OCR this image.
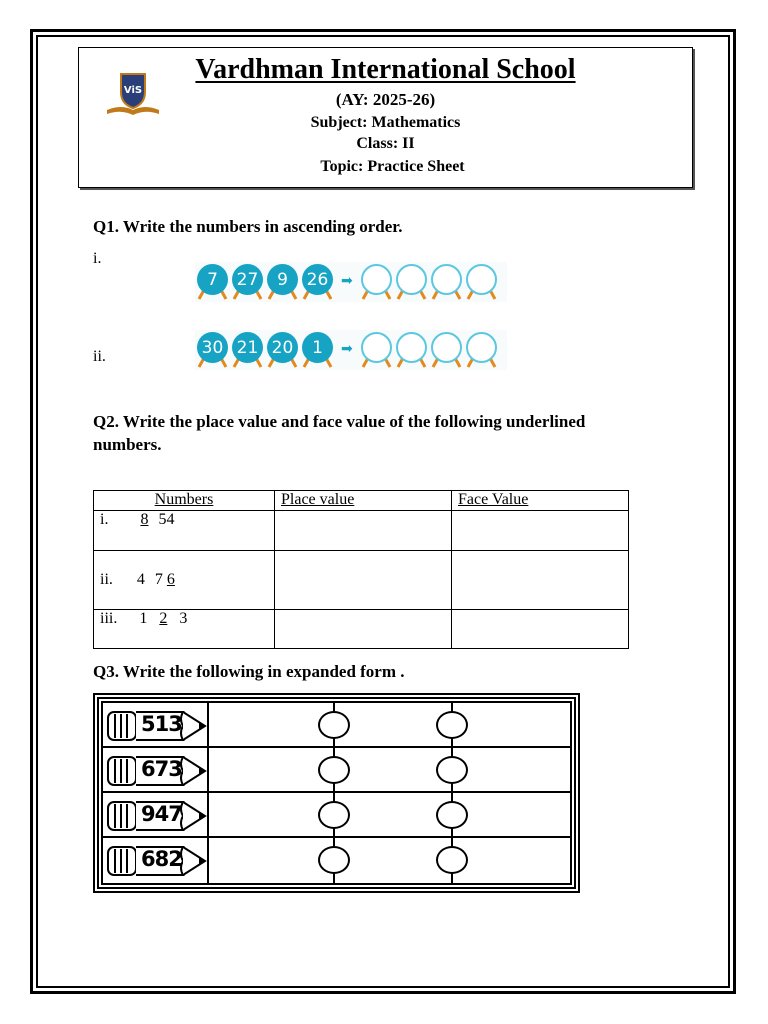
ViS
Vardhman International School
(AY: 2025-26)
Subject: Mathematics
Class: II
Topic: Practice Sheet
Q1. Write the numbers in ascending order.
i.
ii.
7	27	9	26 ➡
30 21 20	1	➡
Q2. Write the place value and face value of the following underlined
numbers.
Numbers	Place value	Face Value
i. 8 54		
ii. 4 7 6		
iii. 1 2 3		
Q3. Write the following in expanded form .
513
673
947
682
